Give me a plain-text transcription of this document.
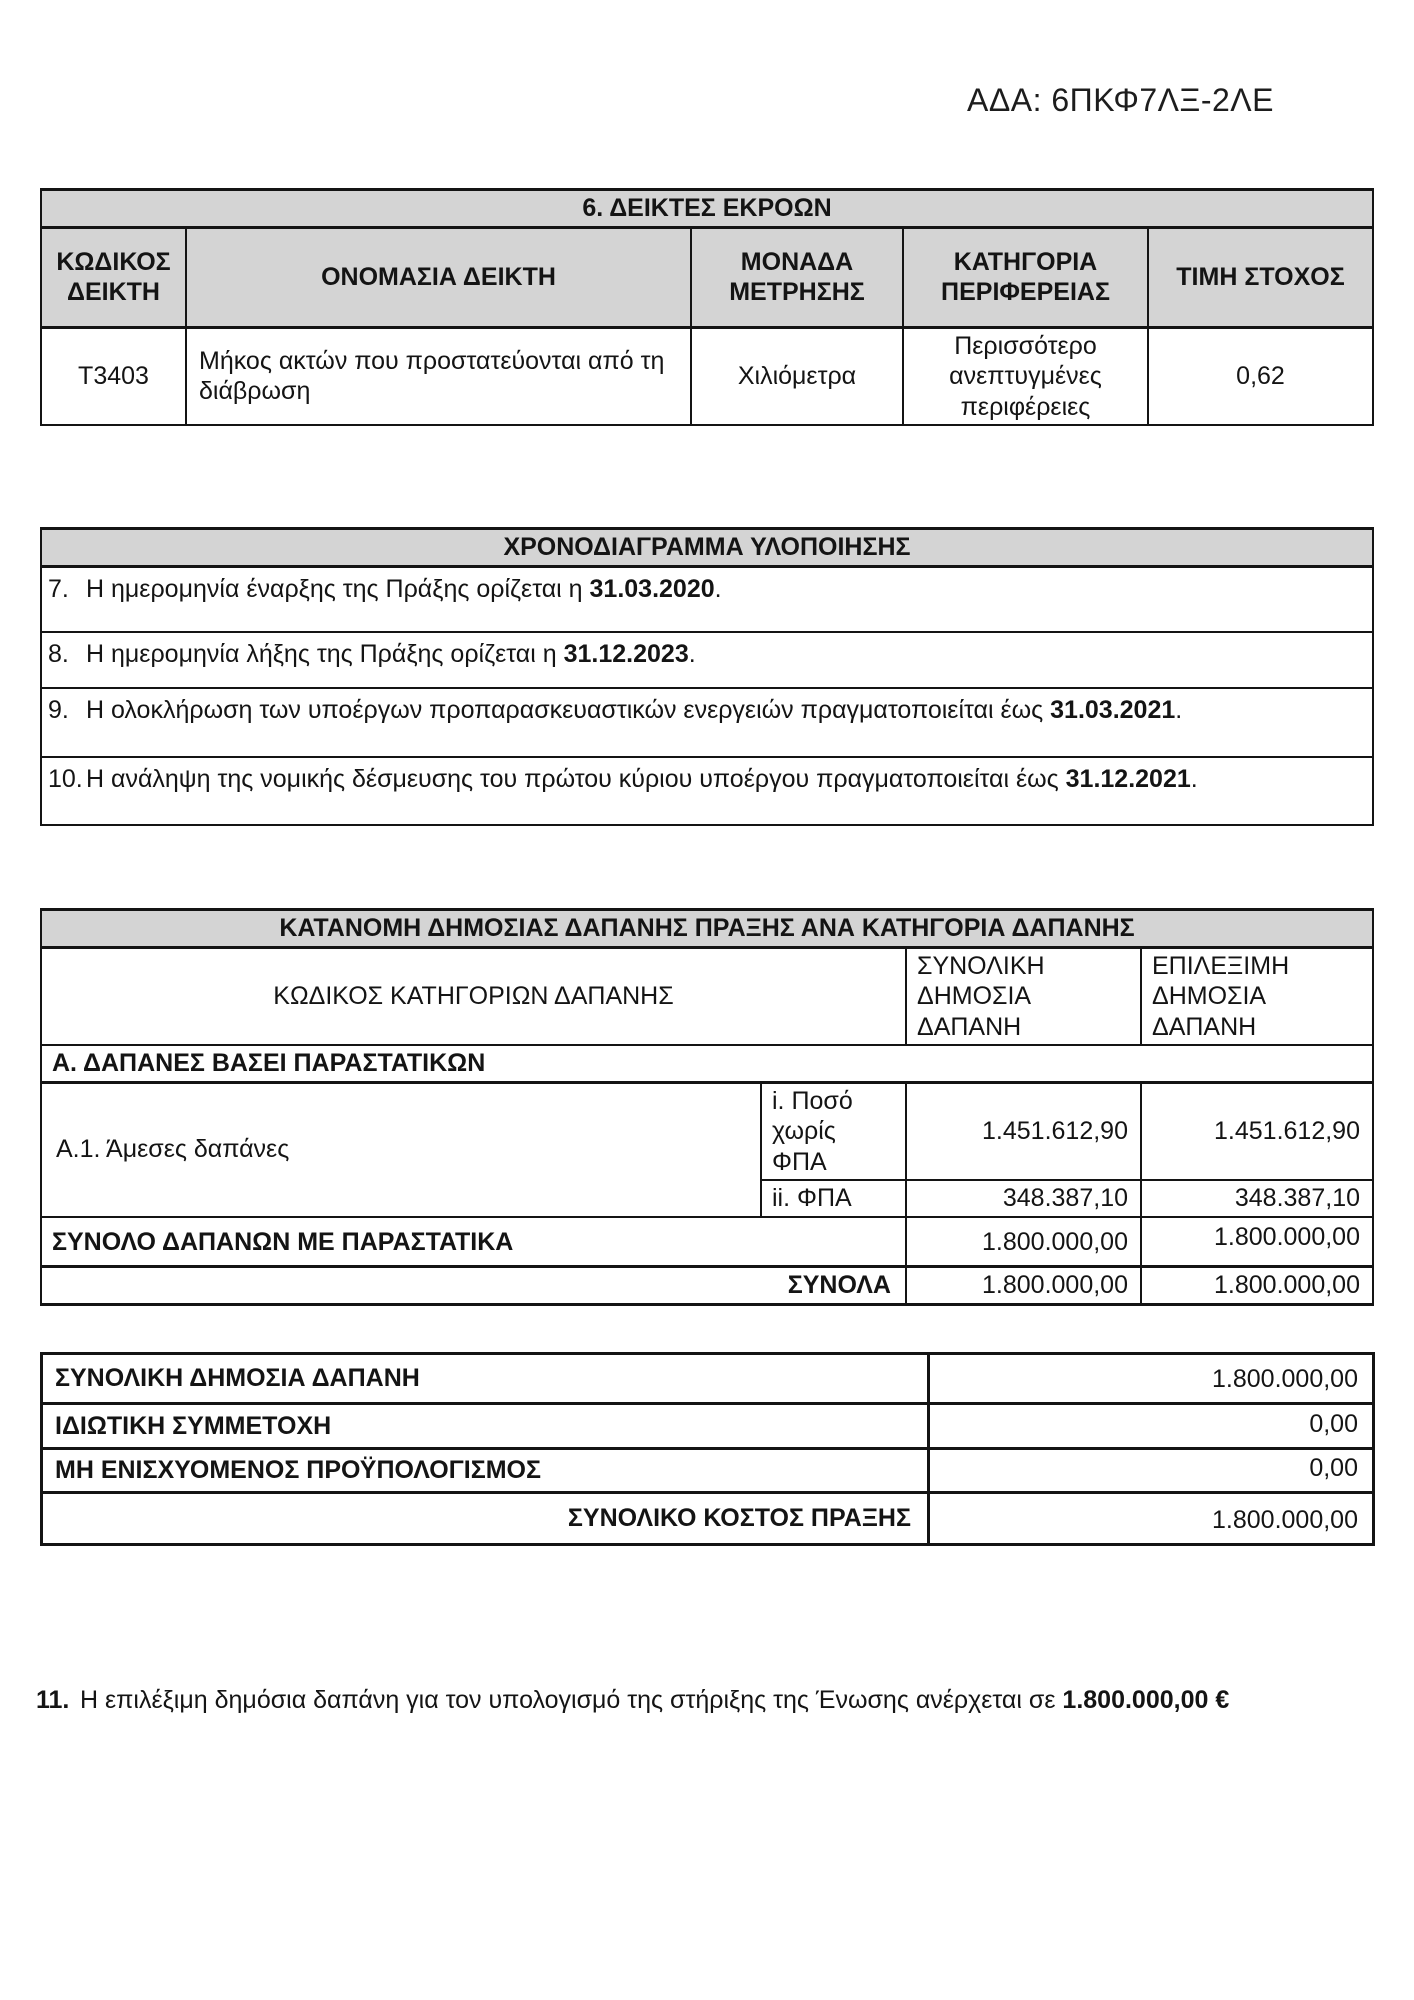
ΑΔΑ: 6ΠΚΦ7ΛΞ-2ΛΕ
6. ΔΕΙΚΤΕΣ ΕΚΡΟΩΝ				
ΚΩΔΙΚΟΣ ΔΕΙΚΤΗ	ΟΝΟΜΑΣΙΑ ΔΕΙΚΤΗ	ΜΟΝΑΔΑ ΜΕΤΡΗΣΗΣ	ΚΑΤΗΓΟΡΙΑ ΠΕΡΙΦΕΡΕΙΑΣ	ΤΙΜΗ ΣΤΟΧΟΣ
Τ3403	Μήκος ακτών που προστατεύονται από τη διάβρωση	Χιλιόμετρα	Περισσότερο ανεπτυγμένες περιφέρειες	0,62
ΧΡΟΝΟΔΙΑΓΡΑΜΜΑ ΥΛΟΠΟΙΗΣΗΣ
7. Η ημερομηνία έναρξης της Πράξης ορίζεται η 31.03.2020.
8. Η ημερομηνία λήξης της Πράξης ορίζεται η 31.12.2023.
9. Η ολοκλήρωση των υποέργων προπαρασκευαστικών ενεργειών πραγματοποιείται έως 31.03.2021.
10. Η ανάληψη της νομικής δέσμευσης του πρώτου κύριου υποέργου πραγματοποιείται έως 31.12.2021.
ΚΑΤΑΝΟΜΗ ΔΗΜΟΣΙΑΣ ΔΑΠΑΝΗΣ ΠΡΑΞΗΣ ΑΝΑ ΚΑΤΗΓΟΡΙΑ ΔΑΠΑΝΗΣ			
ΚΩΔΙΚΟΣ ΚΑΤΗΓΟΡΙΩΝ ΔΑΠΑΝΗΣ		ΣΥΝΟΛΙΚΗ ΔΗΜΟΣΙΑ ΔΑΠΑΝΗ	ΕΠΙΛΕΞΙΜΗ ΔΗΜΟΣΙΑ ΔΑΠΑΝΗ
Α. ΔΑΠΑΝΕΣ ΒΑΣΕΙ ΠΑΡΑΣΤΑΤΙΚΩΝ			
Α.1. Άμεσες δαπάνες	i. Ποσό χωρίς ΦΠΑ	1.451.612,90	1.451.612,90
	ii. ΦΠΑ	348.387,10	348.387,10
ΣΥΝΟΛΟ ΔΑΠΑΝΩΝ ΜΕ ΠΑΡΑΣΤΑΤΙΚΑ		1.800.000,00	1.800.000,00
ΣΥΝΟΛΑ		1.800.000,00	1.800.000,00
ΣΥΝΟΛΙΚΗ ΔΗΜΟΣΙΑ ΔΑΠΑΝΗ	1.800.000,00
ΙΔΙΩΤΙΚΗ ΣΥΜΜΕΤΟΧΗ	0,00
ΜΗ ΕΝΙΣΧΥΟΜΕΝΟΣ ΠΡΟΫΠΟΛΟΓΙΣΜΟΣ	0,00
ΣΥΝΟΛΙΚΟ ΚΟΣΤΟΣ ΠΡΑΞΗΣ	1.800.000,00
11. Η επιλέξιμη δημόσια δαπάνη για τον υπολογισμό της στήριξης της Ένωσης ανέρχεται σε 1.800.000,00 €
